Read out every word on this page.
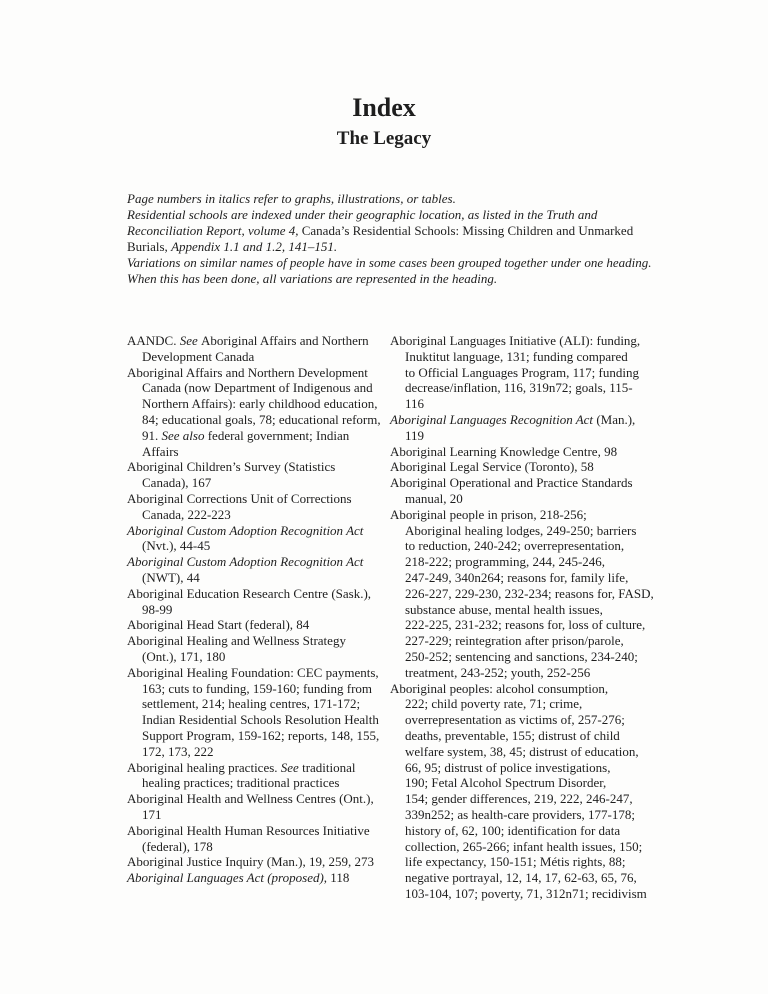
Index
The Legacy
Page numbers in italics refer to graphs, illustrations, or tables.
Residential schools are indexed under their geographic location, as listed in the Truth and
Reconciliation Report, volume 4, Canada’s Residential Schools: Missing Children and Unmarked
Burials, Appendix 1.1 and 1.2, 141–151.
Variations on similar names of people have in some cases been grouped together under one heading.
When this has been done, all variations are represented in the heading.
AANDC. See Aboriginal Affairs and Northern
Development Canada
Aboriginal Affairs and Northern Development
Canada (now Department of Indigenous and
Northern Affairs): early childhood education,
84; educational goals, 78; educational reform,
91. See also federal government; Indian
Affairs
Aboriginal Children’s Survey (Statistics
Canada), 167
Aboriginal Corrections Unit of Corrections
Canada, 222-223
Aboriginal Custom Adoption Recognition Act
(Nvt.), 44-45
Aboriginal Custom Adoption Recognition Act
(NWT), 44
Aboriginal Education Research Centre (Sask.),
98-99
Aboriginal Head Start (federal), 84
Aboriginal Healing and Wellness Strategy
(Ont.), 171, 180
Aboriginal Healing Foundation: CEC payments,
163; cuts to funding, 159-160; funding from
settlement, 214; healing centres, 171-172;
Indian Residential Schools Resolution Health
Support Program, 159-162; reports, 148, 155,
172, 173, 222
Aboriginal healing practices. See traditional
healing practices; traditional practices
Aboriginal Health and Wellness Centres (Ont.),
171
Aboriginal Health Human Resources Initiative
(federal), 178
Aboriginal Justice Inquiry (Man.), 19, 259, 273
Aboriginal Languages Act (proposed), 118
Aboriginal Languages Initiative (ALI): funding,
Inuktitut language, 131; funding compared
to Official Languages Program, 117; funding
decrease/inflation, 116, 319n72; goals, 115-
116
Aboriginal Languages Recognition Act (Man.),
119
Aboriginal Learning Knowledge Centre, 98
Aboriginal Legal Service (Toronto), 58
Aboriginal Operational and Practice Standards
manual, 20
Aboriginal people in prison, 218-256;
Aboriginal healing lodges, 249-250; barriers
to reduction, 240-242; overrepresentation,
218-222; programming, 244, 245-246,
247-249, 340n264; reasons for, family life,
226-227, 229-230, 232-234; reasons for, FASD,
substance abuse, mental health issues,
222-225, 231-232; reasons for, loss of culture,
227-229; reintegration after prison/parole,
250-252; sentencing and sanctions, 234-240;
treatment, 243-252; youth, 252-256
Aboriginal peoples: alcohol consumption,
222; child poverty rate, 71; crime,
overrepresentation as victims of, 257-276;
deaths, preventable, 155; distrust of child
welfare system, 38, 45; distrust of education,
66, 95; distrust of police investigations,
190; Fetal Alcohol Spectrum Disorder,
154; gender differences, 219, 222, 246-247,
339n252; as health-care providers, 177-178;
history of, 62, 100; identification for data
collection, 265-266; infant health issues, 150;
life expectancy, 150-151; Métis rights, 88;
negative portrayal, 12, 14, 17, 62-63, 65, 76,
103-104, 107; poverty, 71, 312n71; recidivism
